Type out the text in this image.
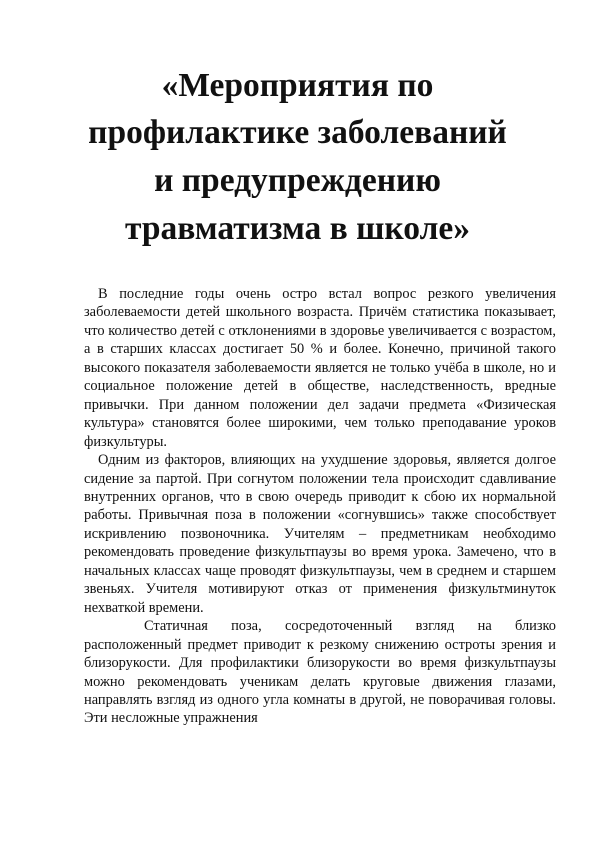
«Мероприятия по
профилактике заболеваний
и предупреждению
травматизма в школе»

В последние годы очень остро встал вопрос резкого увеличения заболеваемости детей школьного возраста. Причём статистика показывает, что количество детей с отклонениями в здоровье увеличивается с возрастом, а в старших классах достигает 50 % и более. Конечно, причиной такого высокого показателя заболеваемости является не только учёба в школе, но и социальное положение детей в обществе, наследственность, вредные привычки. При данном положении дел задачи предмета «Физическая культура» становятся более широкими, чем только преподавание уроков физкультуры.

Одним из факторов, влияющих на ухудшение здоровья, является долгое сидение за партой. При согнутом положении тела происходит сдавливание внутренних органов, что в свою очередь приводит к сбою их нормальной работы. Привычная поза в положении «согнувшись» также способствует искривлению позвоночника. Учителям – предметникам необходимо рекомендовать проведение физкультпаузы во время урока. Замечено, что в начальных классах чаще проводят физкультпаузы, чем в среднем и старшем звеньях. Учителя мотивируют отказ от применения физкультминуток нехваткой времени.

Статичная поза, сосредоточенный взгляд на близко расположенный предмет приводит к резкому снижению остроты зрения и близорукости. Для профилактики близорукости во время физкультпаузы можно рекомендовать ученикам делать круговые движения глазами, направлять взгляд из одного угла комнаты в другой, не поворачивая головы. Эти несложные упражнения
